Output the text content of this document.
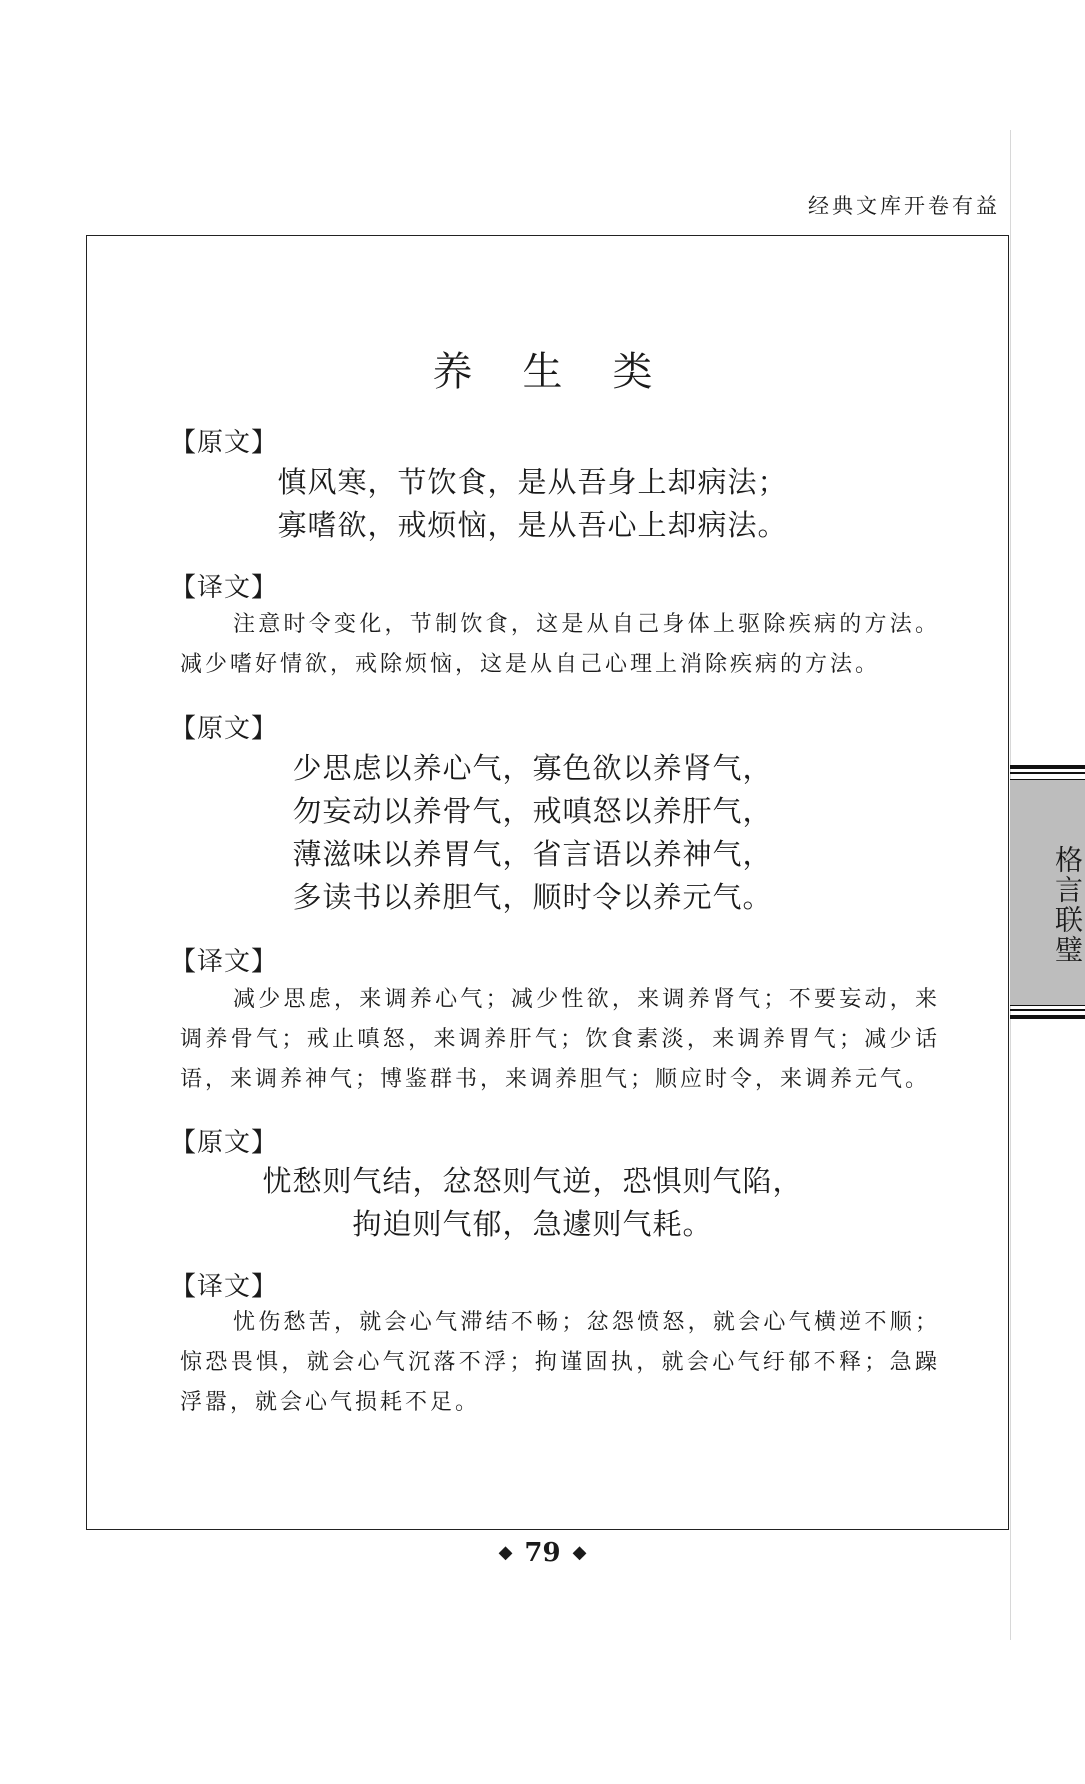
经典文库开卷有益
养生类
【原文】
慎风寒，节饮食，是从吾身上却病法；
寡嗜欲，戒烦恼，是从吾心上却病法。
【译文】
注意时令变化，节制饮食，这是从自己身体上驱除疾病的方法。减少嗜好情欲，戒除烦恼，这是从自己心理上消除疾病的方法。
【原文】
少思虑以养心气，寡色欲以养肾气，
勿妄动以养骨气，戒嗔怒以养肝气，
薄滋味以养胃气，省言语以养神气，
多读书以养胆气，顺时令以养元气。
【译文】
减少思虑，来调养心气；减少性欲，来调养肾气；不要妄动，来调养骨气；戒止嗔怒，来调养肝气；饮食素淡，来调养胃气；减少话语，来调养神气；博鉴群书，来调养胆气；顺应时令，来调养元气。
【原文】
忧愁则气结，忿怒则气逆，恐惧则气陷，
拘迫则气郁，急遽则气耗。
【译文】
忧伤愁苦，就会心气滞结不畅；忿怨愤怒，就会心气横逆不顺；惊恐畏惧，就会心气沉落不浮；拘谨固执，就会心气纡郁不释；急躁浮嚣，就会心气损耗不足。
格言联璧
◆ 79 ◆
